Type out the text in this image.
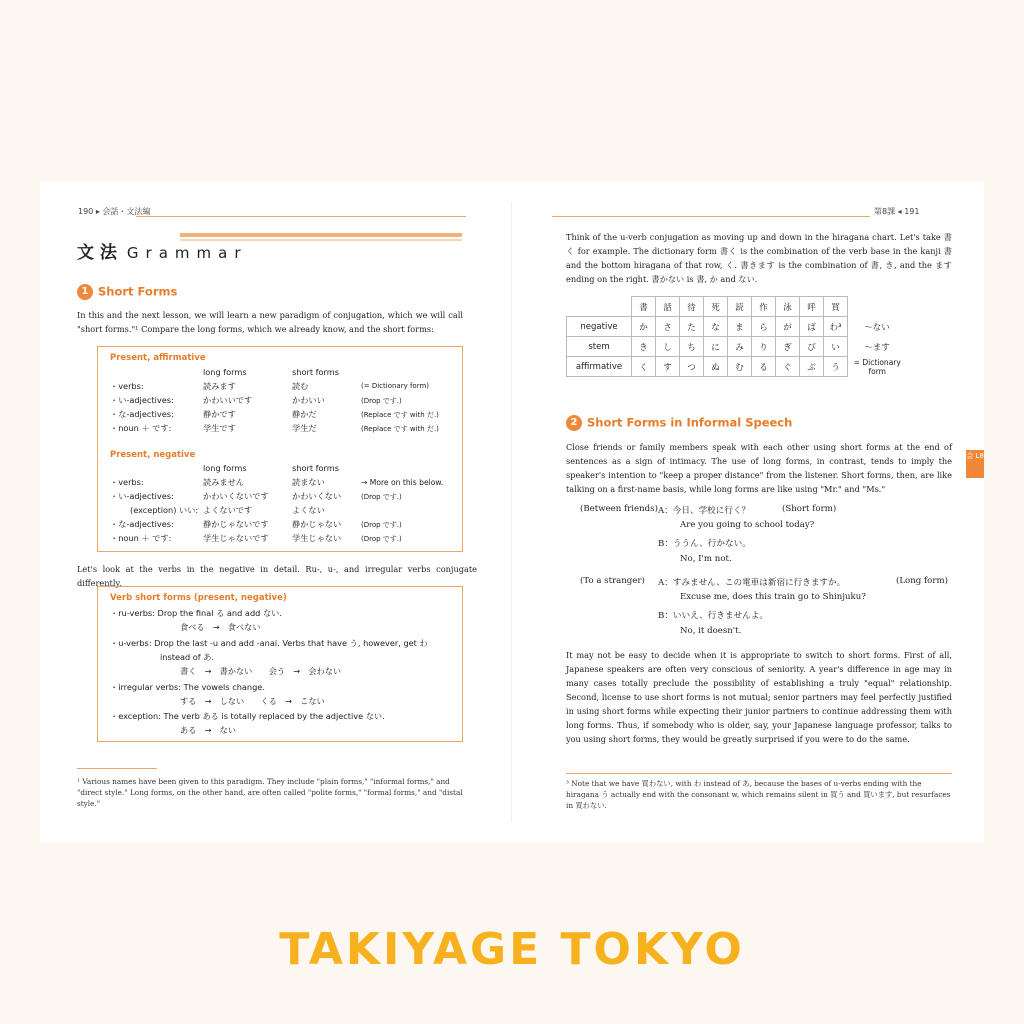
190 ▸ 会話・文法編
文 法 Grammar
1 Short Forms
In this and the next lesson, we will learn a new paradigm of conjugation, which we will call "short forms."¹ Compare the long forms, which we already know, and the short forms:
Present, affirmative
long forms	short forms
・verbs:	読みます	読む	(= Dictionary form)
・い-adjectives:	かわいいです	かわいい	(Drop です.)
・な-adjectives:	静かです	静かだ	(Replace です with だ.)
・noun ＋ です:	学生です	学生だ	(Replace です with だ.)
Present, negative
long forms	short forms
・verbs:	読みません	読まない	→ More on this below.
・い-adjectives:	かわいくないです	かわいくない	(Drop です.)
(exception) いい: よくないです	よくない
・な-adjectives:	静かじゃないです	静かじゃない	(Drop です.)
・noun ＋ です:	学生じゃないです	学生じゃない	(Drop です.)
Let's look at the verbs in the negative in detail. Ru-, u-, and irregular verbs conjugate differently.
Verb short forms (present, negative)
・ru-verbs: Drop the final る and add ない.
食べる　→　食べない
・u-verbs: Drop the last -u and add -anai. Verbs that have う, however, get わ
instead of あ.
書く　→　書かない　　会う　→　会わない
・irregular verbs: The vowels change.
する　→　しない　　くる　→　こない
・exception: The verb ある is totally replaced by the adjective ない.
ある　→　ない
¹ Various names have been given to this paradigm. They include "plain forms," "informal forms," and "direct style." Long forms, on the other hand, are often called "polite forms," "formal forms," and "distal style."
第8課 ◂ 191
Think of the u-verb conjugation as moving up and down in the hiragana chart. Let's take 書く for example. The dictionary form 書く is the combination of the verb base in the kanji 書 and the bottom hiragana of that row, く. 書きます is the combination of 書, き, and the ます ending on the right. 書かない is 書, か and ない.
	書	話	待	死	読	作	泳	呼	買	
negative	か	さ	た	な	ま	ら	が	ば	わ³	〜ない
stem	き	し	ち	に	み	り	ぎ	び	い	〜ます
affirmative	く	す	つ	ぬ	む	る	ぐ	ぶ	う	= Dictionary form
2 Short Forms in Informal Speech
Close friends or family members speak with each other using short forms at the end of sentences as a sign of intimacy. The use of long forms, in contrast, tends to imply the speaker's intention to "keep a proper distance" from the listener. Short forms, then, are like talking on a first-name basis, while long forms are like using "Mr." and "Ms."
(Between friends) A：今日、学校に行く？	(Short form)
Are you going to school today?
B：ううん、行かない。
No, I'm not.
(To a stranger) A：すみません、この電車は新宿に行きますか。	(Long form)
Excuse me, does this train go to Shinjuku?
B：いいえ、行きませんよ。
No, it doesn't.
It may not be easy to decide when it is appropriate to switch to short forms. First of all, Japanese speakers are often very conscious of seniority. A year's difference in age may in many cases totally preclude the possibility of establishing a truly "equal" relationship. Second, license to use short forms is not mutual; senior partners may feel perfectly justified in using short forms while expecting their junior partners to continue addressing them with long forms. Thus, if somebody who is older, say, your Japanese language professor, talks to you using short forms, they would be greatly surprised if you were to do the same.
³ Note that we have 買わない, with わ instead of あ, because the bases of u-verbs ending with the hiragana う actually end with the consonant w, which remains silent in 買う and 買います, but resurfaces in 買わない.
会 L8
TAKIYAGE TOKYO
